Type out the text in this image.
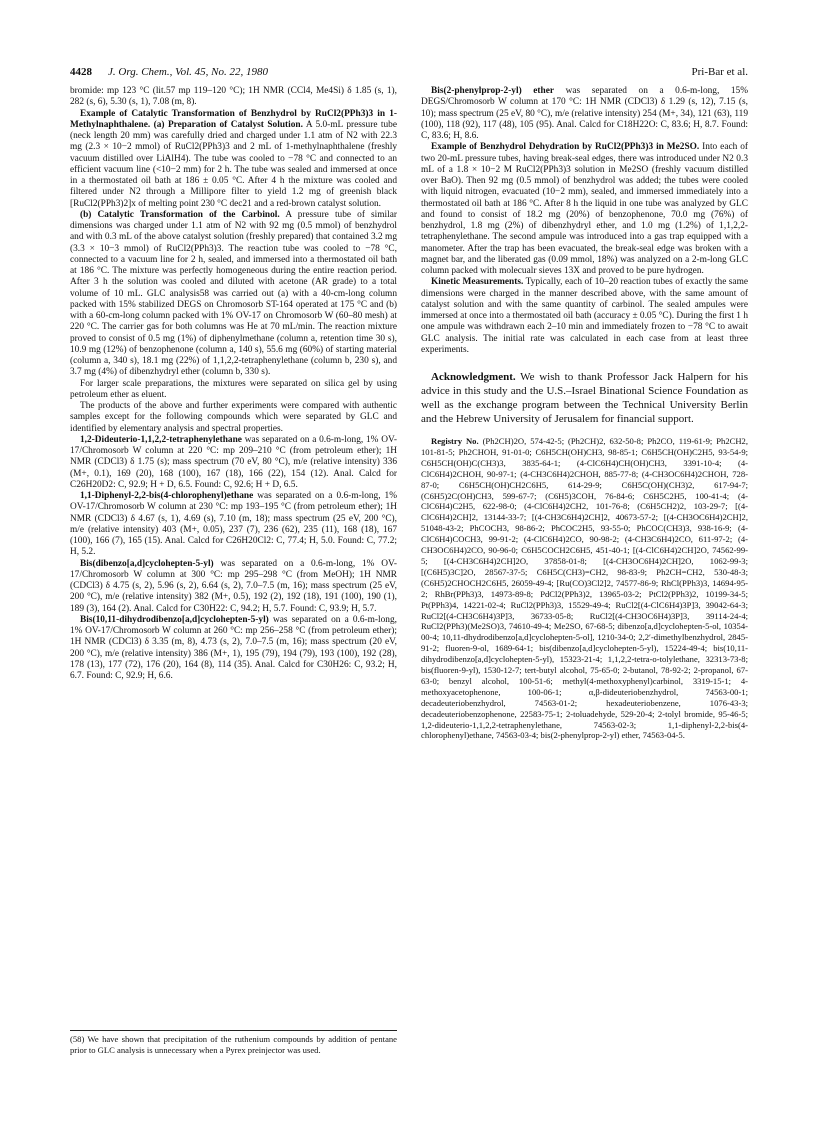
4428 J. Org. Chem., Vol. 45, No. 22, 1980	Pri-Bar et al.

bromide: mp 123 °C (lit.57 mp 119–120 °C); 1H NMR (CCl4, Me4Si) δ 1.85 (s, 1), 282 (s, 6), 5.30 (s, 1), 7.08 (m, 8).

Example of Catalytic Transformation of Benzhydrol by RuCl2(PPh3)3 in 1-Methylnaphthalene. (a) Preparation of Catalyst Solution. A 5.0-mL pressure tube (neck length 20 mm) was carefully dried and charged under 1.1 atm of N2 with 22.3 mg (2.3 × 10−2 mmol) of RuCl2(PPh3)3 and 2 mL of 1-methylnaphthalene (freshly vacuum distilled over LiAlH4). The tube was cooled to −78 °C and connected to an efficient vacuum line (<10−2 mm) for 2 h. The tube was sealed and immersed at once in a thermostated oil bath at 186 ± 0.05 °C. After 4 h the mixture was cooled and filtered under N2 through a Millipore filter to yield 1.2 mg of greenish black [RuCl2(PPh3)2]x of melting point 230 °C dec21 and a red-brown catalyst solution.

(b) Catalytic Transformation of the Carbinol. A pressure tube of similar dimensions was charged under 1.1 atm of N2 with 92 mg (0.5 mmol) of benzhydrol and with 0.3 mL of the above catalyst solution (freshly prepared) that contained 3.2 mg (3.3 × 10−3 mmol) of RuCl2(PPh3)3. The reaction tube was cooled to −78 °C, connected to a vacuum line for 2 h, sealed, and immersed into a thermostated oil bath at 186 °C. The mixture was perfectly homogeneous during the entire reaction period. After 3 h the solution was cooled and diluted with acetone (AR grade) to a total volume of 10 mL. GLC analysis58 was carried out (a) with a 40-cm-long column packed with 15% stabilized DEGS on Chromosorb ST-164 operated at 175 °C and (b) with a 60-cm-long column packed with 1% OV-17 on Chromosorb W (60–80 mesh) at 220 °C. The carrier gas for both columns was He at 70 mL/min. The reaction mixture proved to consist of 0.5 mg (1%) of diphenylmethane (column a, retention time 30 s), 10.9 mg (12%) of benzophenone (column a, 140 s), 55.6 mg (60%) of starting material (column a, 340 s), 18.1 mg (22%) of 1,1,2,2-tetraphenylethane (column b, 230 s), and 3.7 mg (4%) of dibenzhydryl ether (column b, 330 s).

For larger scale preparations, the mixtures were separated on silica gel by using petroleum ether as eluent.

The products of the above and further experiments were compared with authentic samples except for the following compounds which were separated by GLC and identified by elementary analysis and spectral properties.

1,2-Dideuterio-1,1,2,2-tetraphenylethane was separated on a 0.6-m-long, 1% OV-17/Chromosorb W column at 220 °C: mp 209–210 °C (from petroleum ether); 1H NMR (CDCl3) δ 1.75 (s); mass spectrum (70 eV, 80 °C), m/e (relative intensity) 336 (M+, 0.1), 169 (20), 168 (100), 167 (18), 166 (22), 154 (12). Anal. Calcd for C26H20D2: C, 92.9; H + D, 6.5. Found: C, 92.6; H + D, 6.5.

1,1-Diphenyl-2,2-bis(4-chlorophenyl)ethane was separated on a 0.6-m-long, 1% OV-17/Chromosorb W column at 230 °C: mp 193–195 °C (from petroleum ether); 1H NMR (CDCl3) δ 4.67 (s, 1), 4.69 (s), 7.10 (m, 18); mass spectrum (25 eV, 200 °C), m/e (relative intensity) 403 (M+, 0.05), 237 (7), 236 (62), 235 (11), 168 (18), 167 (100), 166 (7), 165 (15). Anal. Calcd for C26H20Cl2: C, 77.4; H, 5.0. Found: C, 77.2; H, 5.2.

Bis(dibenzo[a,d]cyclohepten-5-yl) was separated on a 0.6-m-long, 1% OV-17/Chromosorb W column at 300 °C: mp 295–298 °C (from MeOH); 1H NMR (CDCl3) δ 4.75 (s, 2), 5.96 (s, 2), 6.64 (s, 2), 7.0–7.5 (m, 16); mass spectrum (25 eV, 200 °C), m/e (relative intensity) 382 (M+, 0.5), 192 (2), 192 (18), 191 (100), 190 (1), 189 (3), 164 (2). Anal. Calcd for C30H22: C, 94.2; H, 5.7. Found: C, 93.9; H, 5.7.

Bis(10,11-dihydrodibenzo[a,d]cyclohepten-5-yl) was separated on a 0.6-m-long, 1% OV-17/Chromosorb W column at 260 °C: mp 256–258 °C (from petroleum ether); 1H NMR (CDCl3) δ 3.35 (m, 8), 4.73 (s, 2), 7.0–7.5 (m, 16); mass spectrum (20 eV, 200 °C), m/e (relative intensity) 386 (M+, 1), 195 (79), 194 (79), 193 (100), 192 (28), 178 (13), 177 (72), 176 (20), 164 (8), 114 (35). Anal. Calcd for C30H26: C, 93.2; H, 6.7. Found: C, 92.9; H, 6.6.

Bis(2-phenylprop-2-yl) ether was separated on a 0.6-m-long, 15% DEGS/Chromosorb W column at 170 °C: 1H NMR (CDCl3) δ 1.29 (s, 12), 7.15 (s, 10); mass spectrum (25 eV, 80 °C), m/e (relative intensity) 254 (M+, 34), 121 (63), 119 (100), 118 (92), 117 (48), 105 (95). Anal. Calcd for C18H22O: C, 83.6; H, 8.7. Found: C, 83.6; H, 8.6.

Example of Benzhydrol Dehydration by RuCl2(PPh3)3 in Me2SO. Into each of two 20-mL pressure tubes, having break-seal edges, there was introduced under N2 0.3 mL of a 1.8 × 10−2 M RuCl2(PPh3)3 solution in Me2SO (freshly vacuum distilled over BaO). Then 92 mg (0.5 mmol) of benzhydrol was added; the tubes were cooled with liquid nitrogen, evacuated (10−2 mm), sealed, and immersed immediately into a thermostated oil bath at 186 °C. After 8 h the liquid in one tube was analyzed by GLC and found to consist of 18.2 mg (20%) of benzophenone, 70.0 mg (76%) of benzhydrol, 1.8 mg (2%) of dibenzhydryl ether, and 1.0 mg (1.2%) of 1,1,2,2-tetraphenylethane. The second ampule was introduced into a gas trap equipped with a manometer. After the trap has been evacuated, the break-seal edge was broken with a magnet bar, and the liberated gas (0.09 mmol, 18%) was analyzed on a 2-m-long GLC column packed with molecualr sieves 13X and proved to be pure hydrogen.

Kinetic Measurements. Typically, each of 10–20 reaction tubes of exactly the same dimensions were charged in the manner described above, with the same amount of catalyst solution and with the same quantity of carbinol. The sealed ampules were immersed at once into a thermostated oil bath (accuracy ± 0.05 °C). During the first 1 h one ampule was withdrawn each 2–10 min and immediately frozen to −78 °C to await GLC analysis. The initial rate was calculated in each case from at least three experiments.

Acknowledgment. We wish to thank Professor Jack Halpern for his advice in this study and the U.S.–Israel Binational Science Foundation as well as the exchange program between the Technical University Berlin and the Hebrew University of Jerusalem for financial support.

Registry No. (Ph2CH)2O, 574-42-5; (Ph2CH)2, 632-50-8; Ph2CO, 119-61-9; Ph2CH2, 101-81-5; Ph2CHOH, 91-01-0; C6H5CH(OH)CH3, 98-85-1; C6H5CH(OH)C2H5, 93-54-9; C6H5CH(OH)C(CH3)3, 3835-64-1; (4-ClC6H4)CH(OH)CH3, 3391-10-4; (4-ClC6H4)2CHOH, 90-97-1; (4-CH3C6H4)2CHOH, 885-77-8; (4-CH3OC6H4)2CHOH, 728-87-0; C6H5CH(OH)CH2C6H5, 614-29-9; C6H5C(OH)(CH3)2, 617-94-7; (C6H5)2C(OH)CH3, 599-67-7; (C6H5)3COH, 76-84-6; C6H5C2H5, 100-41-4; (4-ClC6H4)C2H5, 622-98-0; (4-ClC6H4)2CH2, 101-76-8; (C6H5CH2)2, 103-29-7; [(4-ClC6H4)2CH]2, 13144-33-7; [(4-CH3C6H4)2CH]2, 40673-57-2; [(4-CH3OC6H4)2CH]2, 51048-43-2; PhCOCH3, 98-86-2; PhCOC2H5, 93-55-0; PhCOC(CH3)3, 938-16-9; (4-ClC6H4)COCH3, 99-91-2; (4-ClC6H4)2CO, 90-98-2; (4-CH3C6H4)2CO, 611-97-2; (4-CH3OC6H4)2CO, 90-96-0; C6H5COCH2C6H5, 451-40-1; [(4-ClC6H4)2CH]2O, 74562-99-5; [(4-CH3C6H4)2CH]2O, 37858-01-8; [(4-CH3OC6H4)2CH]2O, 1062-99-3; [(C6H5)3C]2O, 28567-37-5; C6H5C(CH3)=CH2, 98-83-9; Ph2CH=CH2, 530-48-3; (C6H5)2CHOCH2C6H5, 26059-49-4; [Ru(CO)3Cl2]2, 74577-86-9; RhCl(PPh3)3, 14694-95-2; RhBr(PPh3)3, 14973-89-8; PdCl2(PPh3)2, 13965-03-2; PtCl2(PPh3)2, 10199-34-5; Pt(PPh3)4, 14221-02-4; RuCl2(PPh3)3, 15529-49-4; RuCl2[(4-ClC6H4)3P]3, 39042-64-3; RuCl2[(4-CH3C6H4)3P]3, 36733-05-8; RuCl2[(4-CH3OC6H4)3P]3, 39114-24-4; RuCl2(PPh3)(Me2SO)3, 74610-49-4; Me2SO, 67-68-5; dibenzo[a,d]cyclohepten-5-ol, 10354-00-4; 10,11-dhydrodibenzo[a,d]cyclohepten-5-ol], 1210-34-0; 2,2′-dimethylbenzhydrol, 2845-91-2; fluoren-9-ol, 1689-64-1; bis(dibenzo[a,d]cyclohepten-5-yl), 15224-49-4; bis(10,11-dihydrodibenzo[a,d]cyclohepten-5-yl), 15323-21-4; 1,1,2,2-tetra-o-tolylethane, 32313-73-8; bis(fluoren-9-yl), 1530-12-7; tert-butyl alcohol, 75-65-0; 2-butanol, 78-92-2; 2-propanol, 67-63-0; benzyl alcohol, 100-51-6; methyl(4-methoxyphenyl)carbinol, 3319-15-1; 4-methoxyacetophenone, 100-06-1; α,β-dideuteriobenzhydrol, 74563-00-1; decadeuteriobenzhydrol, 74563-01-2; hexadeuteriobenzene, 1076-43-3; decadeuteriobenzophenone, 22583-75-1; 2-toluadehyde, 529-20-4; 2-tolyl bromide, 95-46-5; 1,2-dideuterio-1,1,2,2-tetraphenylethane, 74563-02-3; 1,1-diphenyl-2,2-bis(4-chlorophenyl)ethane, 74563-03-4; bis(2-phenylprop-2-yl) ether, 74563-04-5.

(58) We have shown that precipitation of the ruthenium compounds by addition of pentane prior to GLC analysis is unnecessary when a Pyrex preinjector was used.
